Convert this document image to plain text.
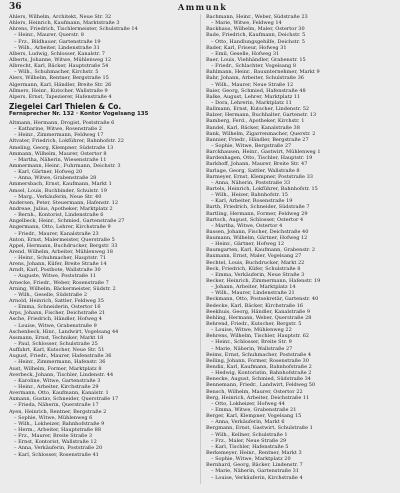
36	Ammunk
Ahlers, Wilhelm, Architekt, Neue Str. 32
Ahlers, Heinrich, Kaufmann, Marktstraße 3
Ahrens, Friedrich, Tischlermeister, Schulstraße 14
– Heinr., Maurer, Querstr. 8
– Frz., Bildhauer, Gartenstraße 19
– Wilh., Arbeiter, Lindenstraße 31
Albers, Ludwig, Schlosser, Kanalstr. 7
Alberts, Johanne, Witwe, Mühlenweg 12
Albrecht, Karl, Bäcker, Hauptstraße 54
– Wilh., Schuhmacher, Kirchstr. 5
Alers, Wilhelm, Rentner, Bergstraße 15
Algermann, Karl, Händler, Breite Str. 26
Allmers, Heinr., Kutscher, Wallstraße 9
Alpers, Ernst, Tapezierer, Hafenstraße 4
Ziegelei Carl Thielen & Co.
Fernsprecher Nr. 132 · Kontor Vogelsang 135
Altmann, Hermann, Drogist, Poststraße 6
– Katharine, Witwe, Rosenstraße 2
– Heinr., Zimmermann, Feldweg 17
Altvater, Friedrich, Lokführer, Bahnhofstr. 22
Ameling, Georg, Klempner, Südstraße 13
Ammann, Wilhelm, Maurer, Ostertor 8
– Martha, Näherin, Wiesenstraße 11
Ammermann, Heinr., Fuhrmann, Deichstr. 3
– Karl, Gärtner, Hofweg 20
– Anna, Witwe, Grabenstraße 28
Ammersbach, Ernst, Kaufmann, Markt 1
Amsel, Louis, Buchbinder, Schulstr. 19
– Marg., Verkäuferin, Neue Str. 40
Andersen, Peter, Steuermann, Hafenstr. 12
Andreae, Julius, Apotheker, Marktplatz 2
– Bernh., Kontorist, Lindenstraße 6
Angelbeck, Heinr., Schmied, Gartenstraße 27
Angermann, Otto, Lehrer, Kirchstraße 9
– Friedr., Maurer, Kanalstraße 23
Anton, Ernst, Malermeister, Querstraße 5
Appel, Hermann, Buchdrucker, Bergstr. 33
Arend, Wilhelm, Arbeiter, Mühlenweg 18
– Heinr., Schuhmacher, Hauptstr. 71
Arens, Johann, Küfer, Breite Straße 14
Arndt, Karl, Postbote, Wallstraße 30
– Auguste, Witwe, Poststraße 11
Arnecke, Friedr., Weber, Rosenstraße 7
Arning, Wilhelm, Bäckermeister, Südstr. 2
– Wilh., Geselle, Südstraße 2
Arnold, Heinrich, Sattler, Feldweg 35
– Emma, Schneiderin, Ostertor 16
Arps, Johann, Fischer, Deichstraße 21
Asche, Friedrich, Händler, Hofweg 4
– Louise, Witwe, Grabenstraße 9
Aschenbeck, Hinr., Landwirt, Vogelsang 44
Assmann, Ernst, Techniker, Markt 18
– Paul, Schlosser, Schulstraße 25
Auffahrt, Karl, Kutscher, Neue Str. 51
August, Friedr., Maurer, Hafenstraße 36
– Heinr., Zimmermann, Hafenstr. 36
Aust, Wilhelm, Former, Marktplatz 8
Averbeck, Johann, Tischler, Lindenstr. 44
– Karoline, Witwe, Gartenstraße 3
– Heinr., Arbeiter, Kirchstraße 29
Avermann, Otto, Kaufmann, Kanalstr. 1
Axmann, Gustav, Schneider, Querstraße 17
– Frieda, Näherin, Querstraße 17
Ayen, Heinrich, Rentner, Bergstraße 2
– Sophie, Witwe, Mühlenweg 6
– Wilh., Lokheizer, Bahnhofstraße 9
– Herm., Arbeiter, Hauptstraße 88
– Frz., Maurer, Breite Straße 3
– Ernst, Kontorist, Wallstraße 12
– Anna, Verkäuferin, Poststraße 20
– Karl, Schlosser, Rosenstraße 41
Bachmann, Heinr., Weber, Südstraße 23
– Marie, Witwe, Feldweg 14
Backhaus, Wilhelm, Maler, Ostertor 30
Bade, Friedrich, Kaufmann, Deichstr. 5
– Otto, Handlungsgehilfe, Deichstr. 5
Bader, Karl, Friseur, Hofweg 31
– Emil, Geselle, Hofweg 31
Baer, Louis, Viehhändler, Grabenstr. 15
– Friedr., Schlachter, Vogelsang 8
Bahlmann, Heinr., Bauunternehmer, Markt 9
Bahr, Johann, Arbeiter, Schulstraße 36
– Wilh., Maurer, Neue Straße 12
Baier, Georg, Schmied, Hafenstraße 48
Balke, August, Lehrer, Marktplatz 11
– Dora, Lehrerin, Marktplatz 11
Ballmann, Ernst, Kutscher, Lindenstr. 52
Balzer, Hermann, Buchhalter, Gartenstr. 13
Bamberg, Ferd., Apotheker, Kirchstr. 1
Bandel, Karl, Bäcker, Kanalstraße 38
Bank, Wilhelm, Zigarrenmacher, Querstr. 2
Bannier, Friedr., Händler, Bergstraße 27
– Sophie, Witwe, Bergstraße 27
Barckhausen, Heinr., Gastwirt, Mühlenweg 1
Bardenhagen, Otto, Tischler, Hauptstr. 19
Barkhoff, Johann, Maurer, Breite Str. 47
Barlage, Georg, Sattler, Wallstraße 8
Barmeyer, Ernst, Klempner, Poststraße 33
– Anna, Näherin, Poststraße 33
Bartels, Heinrich, Lokführer, Bahnhofstr. 15
– Wilh., Heizer, Bahnhofstr. 15
– Karl, Arbeiter, Rosenstraße 19
Barth, Friedrich, Schneider, Südstraße 7
Bartling, Hermann, Former, Feldweg 29
Bartsch, August, Schlosser, Ostertor 4
– Martha, Witwe, Ostertor 4
Bassen, Johann, Fischer, Deichstraße 40
Baumann, Wilhelm, Gärtner, Hofweg 12
– Heinr., Gärtner, Hofweg 12
Baumgarten, Karl, Kaufmann, Grabenstr. 2
Baxmann, Ernst, Maler, Vogelsang 27
Bechtel, Louis, Buchdrucker, Markt 22
Beck, Friedrich, Küfer, Schulstraße 8
– Emma, Verkäuferin, Neue Straße 3
Becker, Heinrich, Zimmermann, Hafenstr. 19
– Johann, Arbeiter, Marktplatz 14
– Wilh., Maurer, Lindenstraße 21
Beckmann, Otto, Postsekretär, Gartenstr. 40
Bedecke, Karl, Bäcker, Kirchstraße 16
Beekhuis, Georg, Händler, Kanalstraße 9
Behling, Hermann, Weber, Querstraße 28
Behrend, Friedr., Kutscher, Bergstr. 5
– Louise, Witwe, Mühlenweg 22
Behrens, Wilhelm, Tischler, Hauptstr. 62
– Heinr., Schlosser, Breite Str. 9
– Marie, Näherin, Wallstraße 27
Beims, Ernst, Schuhmacher, Poststraße 4
Belling, Johann, Former, Rosenstraße 30
Bendix, Karl, Kaufmann, Bahnhofstraße 2
– Hedwig, Kontoristin, Bahnhofstraße 2
Benecke, August, Schmied, Südstraße 34
Bennemann, Friedr., Landwirt, Feldweg 50
Bensch, Wilhelm, Maurer, Ostertor 22
Berg, Heinrich, Arbeiter, Deichstraße 11
– Otto, Lokheizer, Hofweg 44
– Emma, Witwe, Grabenstraße 21
Berger, Karl, Klempner, Vogelsang 15
– Anna, Verkäuferin, Markt 6
Bergmann, Ernst, Gastwirt, Schulstraße 1
– Wilh., Kellner, Schulstraße 1
– Frz., Maler, Neue Straße 29
– Karl, Tischler, Hafenstraße 5
Berkemeyer, Heinr., Rentner, Markt 3
– Sophie, Witwe, Marktplatz 20
Bernhard, Georg, Bäcker, Lindenstr. 7
– Marie, Näherin, Gartenstraße 31
– Louise, Verkäuferin, Kirchstraße 4
